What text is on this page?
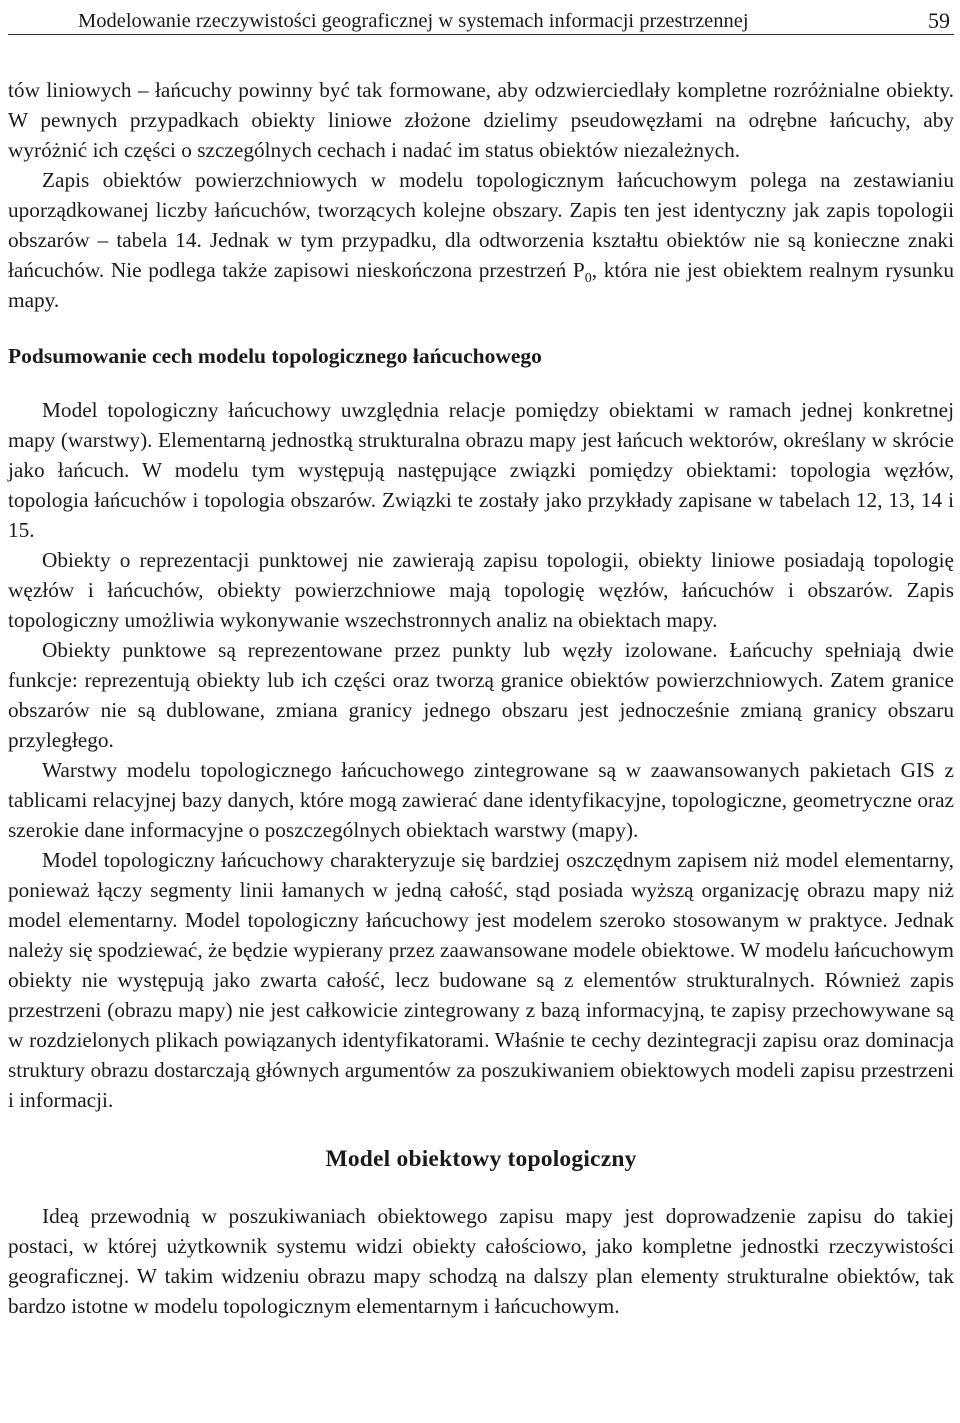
Modelowanie rzeczywistości geograficznej w systemach informacji przestrzennej	59

tów liniowych – łańcuchy powinny być tak formowane, aby odzwierciedlały kompletne rozróżnialne obiekty. W pewnych przypadkach obiekty liniowe złożone dzielimy pseudowęzłami na odrębne łańcuchy, aby wyróżnić ich części o szczególnych cechach i nadać im status obiektów niezależnych.

Zapis obiektów powierzchniowych w modelu topologicznym łańcuchowym polega na zestawianiu uporządkowanej liczby łańcuchów, tworzących kolejne obszary. Zapis ten jest identyczny jak zapis topologii obszarów – tabela 14. Jednak w tym przypadku, dla odtworzenia kształtu obiektów nie są konieczne znaki łańcuchów. Nie podlega także zapisowi nieskończona przestrzeń $P_0$, która nie jest obiektem realnym rysunku mapy.

Podsumowanie cech modelu topologicznego łańcuchowego

Model topologiczny łańcuchowy uwzględnia relacje pomiędzy obiektami w ramach jednej konkretnej mapy (warstwy). Elementarną jednostką strukturalna obrazu mapy jest łańcuch wektorów, określany w skrócie jako łańcuch. W modelu tym występują następujące związki pomiędzy obiektami: topologia węzłów, topologia łańcuchów i topologia obszarów. Związki te zostały jako przykłady zapisane w tabelach 12, 13, 14 i 15.

Obiekty o reprezentacji punktowej nie zawierają zapisu topologii, obiekty liniowe posiadają topologię węzłów i łańcuchów, obiekty powierzchniowe mają topologię węzłów, łańcuchów i obszarów. Zapis topologiczny umożliwia wykonywanie wszechstronnych analiz na obiektach mapy.

Obiekty punktowe są reprezentowane przez punkty lub węzły izolowane. Łańcuchy spełniają dwie funkcje: reprezentują obiekty lub ich części oraz tworzą granice obiektów powierzchniowych. Zatem granice obszarów nie są dublowane, zmiana granicy jednego obszaru jest jednocześnie zmianą granicy obszaru przyległego.

Warstwy modelu topologicznego łańcuchowego zintegrowane są w zaawansowanych pakietach GIS z tablicami relacyjnej bazy danych, które mogą zawierać dane identyfikacyjne, topologiczne, geometryczne oraz szerokie dane informacyjne o poszczególnych obiektach warstwy (mapy).

Model topologiczny łańcuchowy charakteryzuje się bardziej oszczędnym zapisem niż model elementarny, ponieważ łączy segmenty linii łamanych w jedną całość, stąd posiada wyższą organizację obrazu mapy niż model elementarny. Model topologiczny łańcuchowy jest modelem szeroko stosowanym w praktyce. Jednak należy się spodziewać, że będzie wypierany przez zaawansowane modele obiektowe. W modelu łańcuchowym obiekty nie występują jako zwarta całość, lecz budowane są z elementów strukturalnych. Również zapis przestrzeni (obrazu mapy) nie jest całkowicie zintegrowany z bazą informacyjną, te zapisy przechowywane są w rozdzielonych plikach powiązanych identyfikatorami. Właśnie te cechy dezintegracji zapisu oraz dominacja struktury obrazu dostarczają głównych argumentów za poszukiwaniem obiektowych modeli zapisu przestrzeni i informacji.

Model obiektowy topologiczny

Ideą przewodnią w poszukiwaniach obiektowego zapisu mapy jest doprowadzenie zapisu do takiej postaci, w której użytkownik systemu widzi obiekty całościowo, jako kompletne jednostki rzeczywistości geograficznej. W takim widzeniu obrazu mapy schodzą na dalszy plan elementy strukturalne obiektów, tak bardzo istotne w modelu topologicznym elementarnym i łańcuchowym.
